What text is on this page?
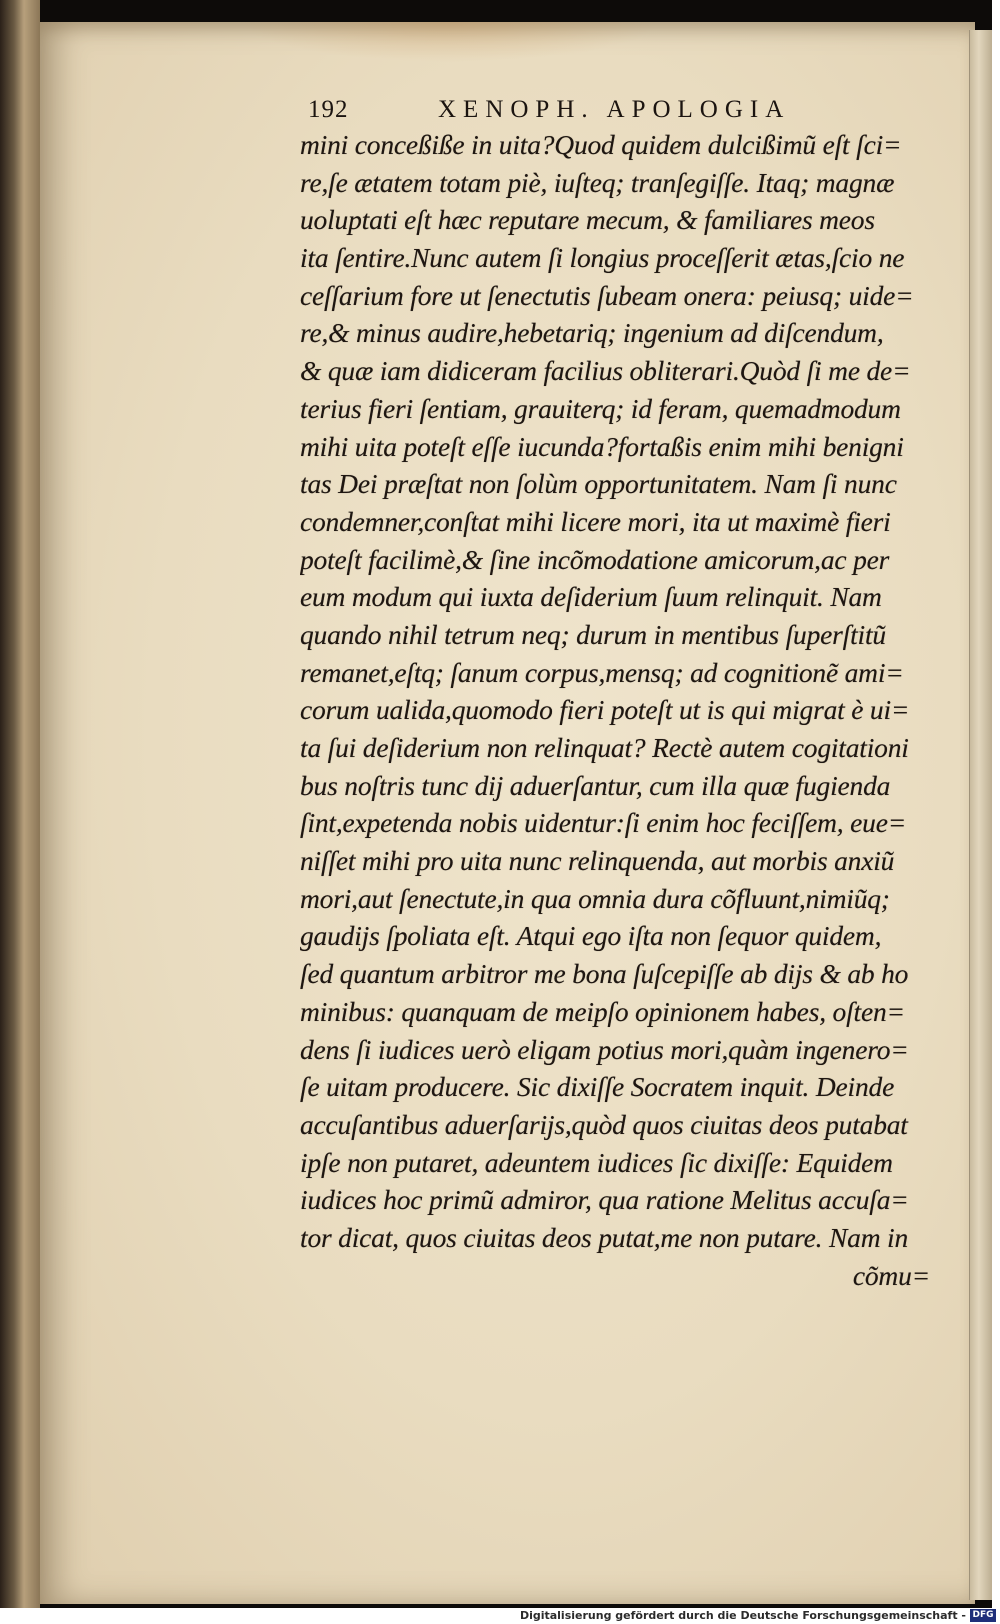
192	XENOPH. APOLOGIA
mini conceßiße in uita?Quod quidem dulcißimũ eſt ſci=
re,ſe ætatem totam piè, iuſteq; tranſegiſſe. Itaq; magnæ
uoluptati eſt hæc reputare mecum, & familiares meos
ita ſentire.Nunc autem ſi longius proceſſerit ætas,ſcio ne
ceſſarium fore ut ſenectutis ſubeam onera: peiusq; uide=
re,& minus audire,hebetariq; ingenium ad diſcendum,
& quæ iam didiceram facilius obliterari.Quòd ſi me de=
terius fieri ſentiam, grauiterq; id feram, quemadmodum
mihi uita poteſt eſſe iucunda?fortaßis enim mihi benigni
tas Dei præſtat non ſolùm opportunitatem. Nam ſi nunc
condemner,conſtat mihi licere mori, ita ut maximè fieri
poteſt facilimè,& ſine incõmodatione amicorum,ac per
eum modum qui iuxta deſiderium ſuum relinquit. Nam
quando nihil tetrum neq; durum in mentibus ſuperſtitũ
remanet,eſtq; ſanum corpus,mensq; ad cognitionẽ ami=
corum ualida,quomodo fieri poteſt ut is qui migrat è ui=
ta ſui deſiderium non relinquat? Rectè autem cogitationi
bus noſtris tunc dij aduerſantur, cum illa quæ fugienda
ſint,expetenda nobis uidentur:ſi enim hoc feciſſem, eue=
niſſet mihi pro uita nunc relinquenda, aut morbis anxiũ
mori,aut ſenectute,in qua omnia dura cõfluunt,nimiũq;
gaudijs ſpoliata eſt. Atqui ego iſta non ſequor quidem,
ſed quantum arbitror me bona ſuſcepiſſe ab dijs & ab ho
minibus: quanquam de meipſo opinionem habes, oſten=
dens ſi iudices uerò eligam potius mori,quàm ingenero=
ſe uitam producere. Sic dixiſſe Socratem inquit. Deinde
accuſantibus aduerſarijs,quòd quos ciuitas deos putabat
ipſe non putaret, adeuntem iudices ſic dixiſſe: Equidem
iudices hoc primũ admiror, qua ratione Melitus accuſa=
tor dicat, quos ciuitas deos putat,me non putare. Nam in
cõmu=
Digitalisierung gefördert durch die Deutsche Forschungsgemeinschaft - DFG
